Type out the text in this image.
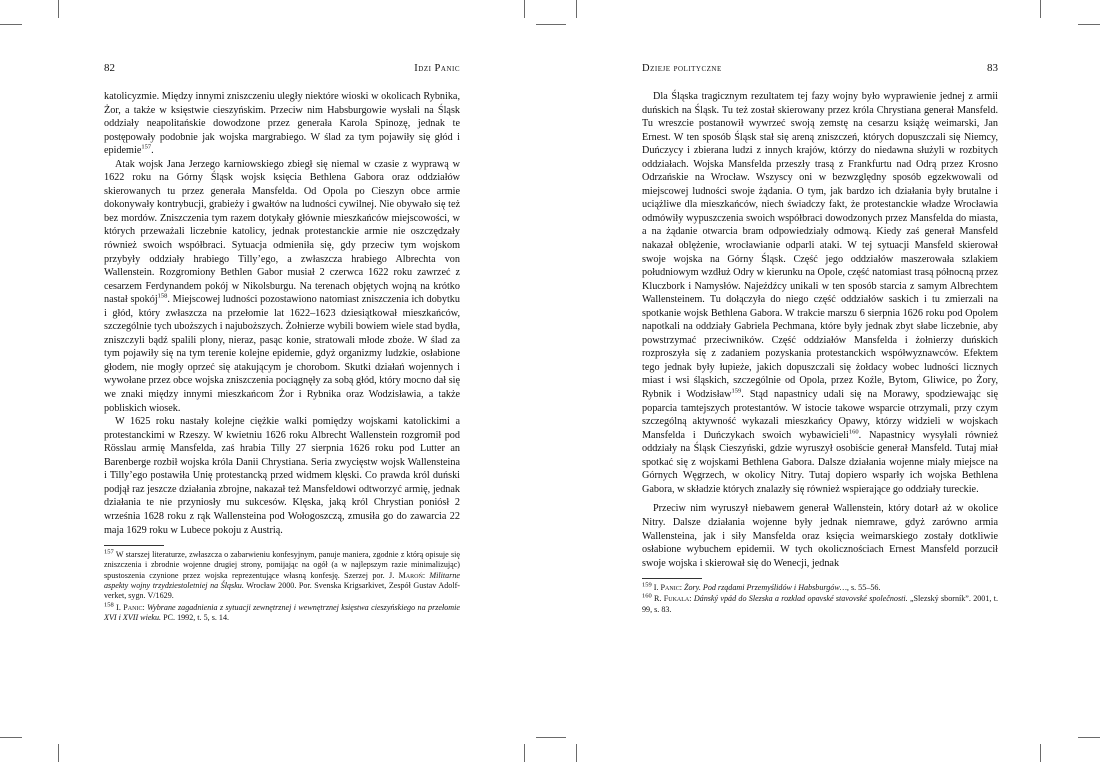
82	Idzi Panic

katolicyzmie. Między innymi zniszczeniu uległy niektóre wioski w okolicach Rybnika, Żor, a także w księstwie cieszyńskim. Przeciw nim Habsburgowie wysłali na Śląsk oddziały neapolitańskie dowodzone przez generała Karola Spinozę, jednak te postępowały podobnie jak wojska margrabiego. W ślad za tym pojawiły się głód i epidemie$^{157}$.

Atak wojsk Jana Jerzego karniowskiego zbiegł się niemal w czasie z wyprawą w 1622 roku na Górny Śląsk wojsk księcia Bethlena Gabora oraz oddziałów skierowanych tu przez generała Mansfelda. Od Opola po Cieszyn obce armie dokonywały kontrybucji, grabieży i gwałtów na ludności cywilnej. Nie obywało się też bez mordów. Zniszczenia tym razem dotykały głównie mieszkańców miejscowości, w których przeważali liczebnie katolicy, jednak protestanckie armie nie oszczędzały również swoich współbraci. Sytuacja odmieniła się, gdy przeciw tym wojskom przybyły oddziały hrabiego Tilly’ego, a zwłaszcza hrabiego Albrechta von Wallenstein. Rozgromiony Bethlen Gabor musiał 2 czerwca 1622 roku zawrzeć z cesarzem Ferdynandem pokój w Nikolsburgu. Na terenach objętych wojną na krótko nastał spokój$^{158}$. Miejscowej ludności pozostawiono natomiast zniszczenia ich dobytku i głód, który zwłaszcza na przełomie lat 1622–1623 dziesiątkował mieszkańców, szczególnie tych uboższych i najuboższych. Żołnierze wybili bowiem wiele stad bydła, zniszczyli bądź spalili plony, nieraz, pasąc konie, stratowali młode zboże. W ślad za tym pojawiły się na tym terenie kolejne epidemie, gdyż organizmy ludzkie, osłabione głodem, nie mogły oprzeć się atakującym je chorobom. Skutki działań wojennych i wywołane przez obce wojska zniszczenia pociągnęły za sobą głód, który mocno dał się we znaki między innymi mieszkańcom Żor i Rybnika oraz Wodzisławia, a także pobliskich wiosek.

W 1625 roku nastały kolejne ciężkie walki pomiędzy wojskami katolickimi a protestanckimi w Rzeszy. W kwietniu 1626 roku Albrecht Wallenstein rozgromił pod Rösslau armię Mansfelda, zaś hrabia Tilly 27 sierpnia 1626 roku pod Lutter an Barenberge rozbił wojska króla Danii Chrystiana. Seria zwycięstw wojsk Wallensteina i Tilly’ego postawiła Unię protestancką przed widmem klęski. Co prawda król duński podjął raz jeszcze działania zbrojne, nakazał też Mansfeldowi odtworzyć armię, jednak działania te nie przyniosły mu sukcesów. Klęska, jaką król Chrystian poniósł 2 września 1628 roku z rąk Wallensteina pod Wołogoszczą, zmusiła go do zawarcia 22 maja 1629 roku w Lubece pokoju z Austrią.

$^{157}$ W starszej literaturze, zwłaszcza o zabarwieniu konfesyjnym, panuje maniera, zgodnie z którą opisuje się zniszczenia i zbrodnie wojenne drugiej strony, pomijając na ogół (a w najlepszym razie minimalizując) spustoszenia czynione przez wojska reprezentujące własną konfesję. Szerzej por. J. Maroń: Militarne aspekty wojny trzydziestoletniej na Śląsku. Wrocław 2000. Por. Svenska Krigsarkivet, Zespół Gustav Adolf-verket, sygn. V/1629.

$^{158}$ I. Panic: Wybrane zagadnienia z sytuacji zewnętrznej i wewnętrznej księstwa cieszyńskiego na przełomie XVI i XVII wieku. PC. 1992, t. 5, s. 14.

Dzieje polityczne	83

Dla Śląska tragicznym rezultatem tej fazy wojny było wyprawienie jednej z armii duńskich na Śląsk. Tu też został skierowany przez króla Chrystiana generał Mansfeld. Tu wreszcie postanowił wywrzeć swoją zemstę na cesarzu książę weimarski, Jan Ernest. W ten sposób Śląsk stał się areną zniszczeń, których dopuszczali się Niemcy, Duńczycy i zbierana ludzi z innych krajów, którzy do niedawna służyli w rozbitych oddziałach. Wojska Mansfelda przeszły trasą z Frankfurtu nad Odrą przez Krosno Odrzańskie na Wrocław. Wszyscy oni w bezwzględny sposób egzekwowali od miejscowej ludności swoje żądania. O tym, jak bardzo ich działania były brutalne i uciążliwe dla mieszkańców, niech świadczy fakt, że protestanckie władze Wrocławia odmówiły wypuszczenia swoich współbraci dowodzonych przez Mansfelda do miasta, a na żądanie otwarcia bram odpowiedziały odmową. Kiedy zaś generał Mansfeld nakazał oblężenie, wrocławianie odparli ataki. W tej sytuacji Mansfeld skierował swoje wojska na Górny Śląsk. Część jego oddziałów maszerowała szlakiem południowym wzdłuż Odry w kierunku na Opole, część natomiast trasą północną przez Kluczbork i Namysłów. Najeźdźcy unikali w ten sposób starcia z samym Albrechtem Wallensteinem. Tu dołączyła do niego część oddziałów saskich i tu zmierzali na spotkanie wojsk Bethlena Gabora. W trakcie marszu 6 sierpnia 1626 roku pod Opolem napotkali na oddziały Gabriela Pechmana, które były jednak zbyt słabe liczebnie, aby powstrzymać przeciwników. Część oddziałów Mansfelda i żołnierzy duńskich rozproszyła się z zadaniem pozyskania protestanckich współwyznawców. Efektem tego jednak były łupieże, jakich dopuszczali się żołdacy wobec ludności licznych miast i wsi śląskich, szczególnie od Opola, przez Koźle, Bytom, Gliwice, po Żory, Rybnik i Wodzisław$^{159}$. Stąd napastnicy udali się na Morawy, spodziewając się poparcia tamtejszych protestantów. W istocie takowe wsparcie otrzymali, przy czym szczególną aktywność wykazali mieszkańcy Opawy, którzy widzieli w wojskach Mansfelda i Duńczykach swoich wybawicieli$^{160}$. Napastnicy wysyłali również oddziały na Śląsk Cieszyński, gdzie wyruszył osobiście generał Mansfeld. Tutaj miał spotkać się z wojskami Bethlena Gabora. Dalsze działania wojenne miały miejsce na Górnych Węgrzech, w okolicy Nitry. Tutaj dopiero wsparły ich wojska Bethlena Gabora, w składzie których znalazły się również wspierające go oddziały tureckie.

Przeciw nim wyruszył niebawem generał Wallenstein, który dotarł aż w okolice Nitry. Dalsze działania wojenne były jednak niemrawe, gdyż zarówno armia Wallensteina, jak i siły Mansfelda oraz księcia weimarskiego zostały dotkliwie osłabione wybuchem epidemii. W tych okolicznościach Ernest Mansfeld porzucił swoje wojska i skierował się do Wenecji, jednak

$^{159}$ I. Panic: Żory. Pod rządami Przemyślidów i Habsburgów…, s. 55–56.

$^{160}$ R. Fukala: Dánský vpád do Slezska a rozklad opavské stavovské společnosti. „Slezský sborník”. 2001, t. 99, s. 83.
